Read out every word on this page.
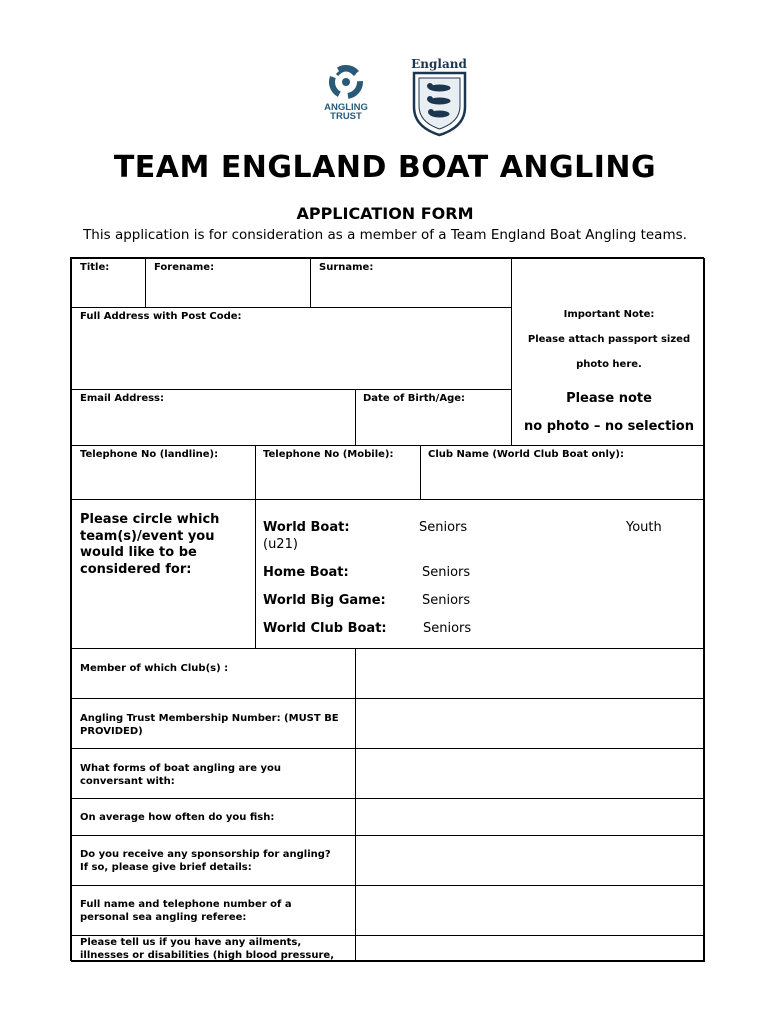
ANGLING
TRUST
England
TEAM ENGLAND BOAT ANGLING
APPLICATION FORM
This application is for consideration as a member of a Team England Boat Angling teams.
Title:	Forename:	Surname:
Important Note:
Please attach passport sized
photo here.
Please note
no photo – no selection
Full Address with Post Code:
Email Address:	Date of Birth/Age:
Telephone No (landline):	Telephone No (Mobile):	Club Name (World Club Boat only):
Please circle which team(s)/event you would like to be considered for:
World Boat:	Seniors	Youth
(u21)
Home Boat:	Seniors
World Big Game:	Seniors
World Club Boat:	Seniors
Member of which Club(s) :
Angling Trust Membership Number: (MUST BE PROVIDED)
What forms of boat angling are you conversant with:
On average how often do you fish:
Do you receive any sponsorship for angling?
If so, please give brief details:
Full name and telephone number of a personal sea angling referee:
Please tell us if you have any ailments, illnesses or disabilities (high blood pressure,
